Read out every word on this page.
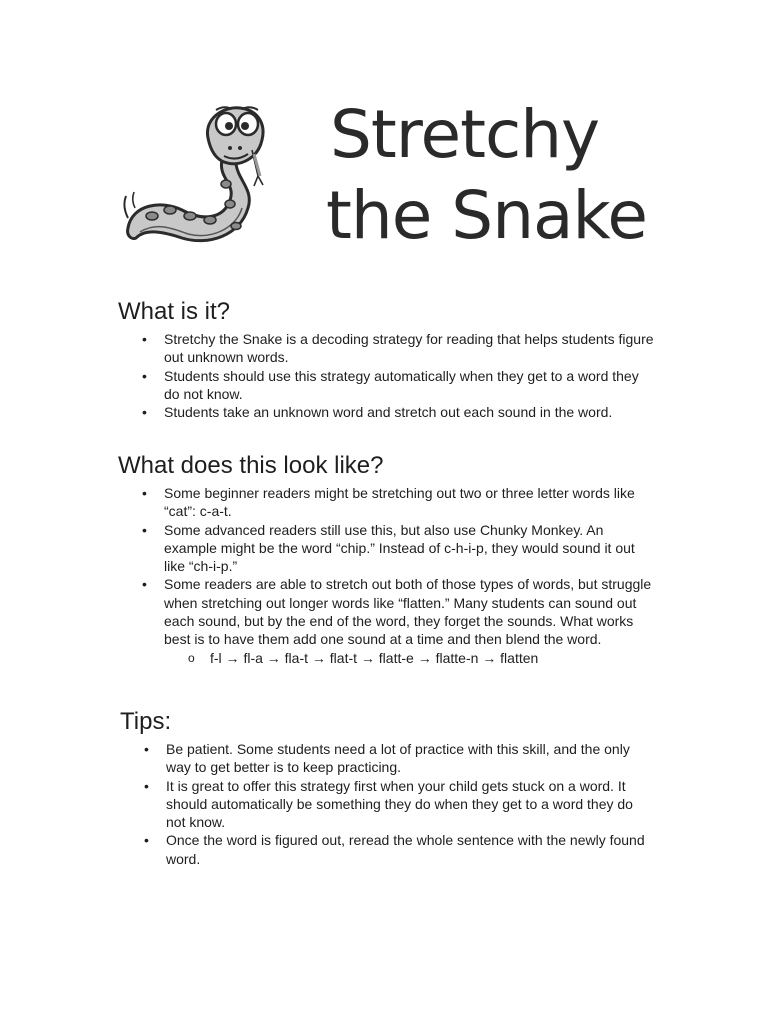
Stretchy
the Snake
What is it?
• Stretchy the Snake is a decoding strategy for reading that helps students figure out unknown words.
• Students should use this strategy automatically when they get to a word they do not know.
• Students take an unknown word and stretch out each sound in the word.
What does this look like?
• Some beginner readers might be stretching out two or three letter words like “cat”: c-a-t.
• Some advanced readers still use this, but also use Chunky Monkey. An example might be the word “chip.” Instead of c-h-i-p, they would sound it out like “ch-i-p.”
• Some readers are able to stretch out both of those types of words, but struggle when stretching out longer words like “flatten.” Many students can sound out each sound, but by the end of the word, they forget the sounds. What works best is to have them add one sound at a time and then blend the word.
o f-l → fl-a → fla-t → flat-t → flatt-e → flatte-n → flatten
Tips:
• Be patient. Some students need a lot of practice with this skill, and the only way to get better is to keep practicing.
• It is great to offer this strategy first when your child gets stuck on a word. It should automatically be something they do when they get to a word they do not know.
• Once the word is figured out, reread the whole sentence with the newly found word.
